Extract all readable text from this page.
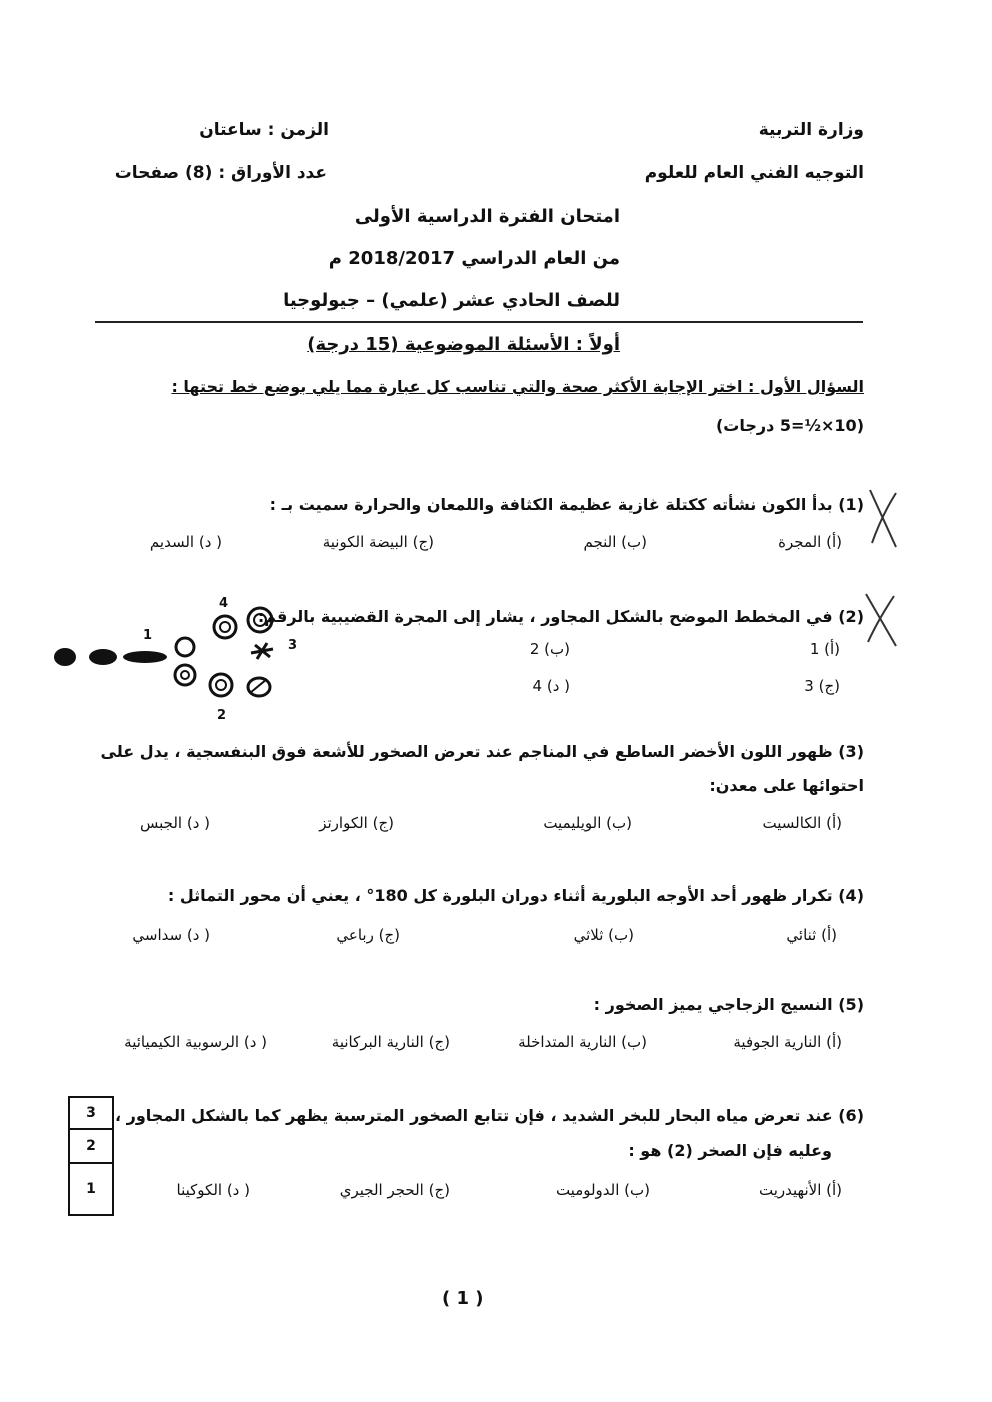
وزارة التربية
التوجيه الفني العام للعلوم
الزمن : ساعتان
عدد الأوراق : (8) صفحات
امتحان الفترة الدراسية الأولى
من العام الدراسي 2018/2017 م
للصف الحادي عشر (علمي) – جيولوجيا
أولاً : الأسئلة الموضوعية (15 درجة)
السؤال الأول : اختر الإجابة الأكثر صحة والتي تناسب كل عبارة مما يلي بوضع خط تحتها :
(10×½=5 درجات)
(1) بدأ الكون نشأته ككتلة غازية عظيمة الكثافة واللمعان والحرارة سميت بـ :
(أ) المجرة
(ب) النجم
(ج) البيضة الكونية
( د) السديم
(2) في المخطط الموضح بالشكل المجاور ، يشار إلى المجرة القضيبية بالرقم:
(أ) 1
(ب) 2
(ج) 3
( د) 4
1
2
3
4
(3) ظهور اللون الأخضر الساطع في المناجم عند تعرض الصخور للأشعة فوق البنفسجية ، يدل على
احتوائها على معدن:
(أ) الكالسيت
(ب) الويليميت
(ج) الكوارتز
( د) الجبس
(4) تكرار ظهور أحد الأوجه البلورية أثناء دوران البلورة كل 180° ، يعني أن محور التماثل :
(أ) ثنائي
(ب) ثلاثي
(ج) رباعي
( د) سداسي
(5) النسيج الزجاجي يميز الصخور :
(أ) النارية الجوفية
(ب) النارية المتداخلة
(ج) النارية البركانية
( د) الرسوبية الكيميائية
(6) عند تعرض مياه البحار للبخر الشديد ، فإن تتابع الصخور المترسبة يظهر كما بالشكل المجاور ،
وعليه فإن الصخر (2) هو :
(أ) الأنهيدريت
(ب) الدولوميت
(ج) الحجر الجيري
( د) الكوكينا
3
2
1
( 1 )
